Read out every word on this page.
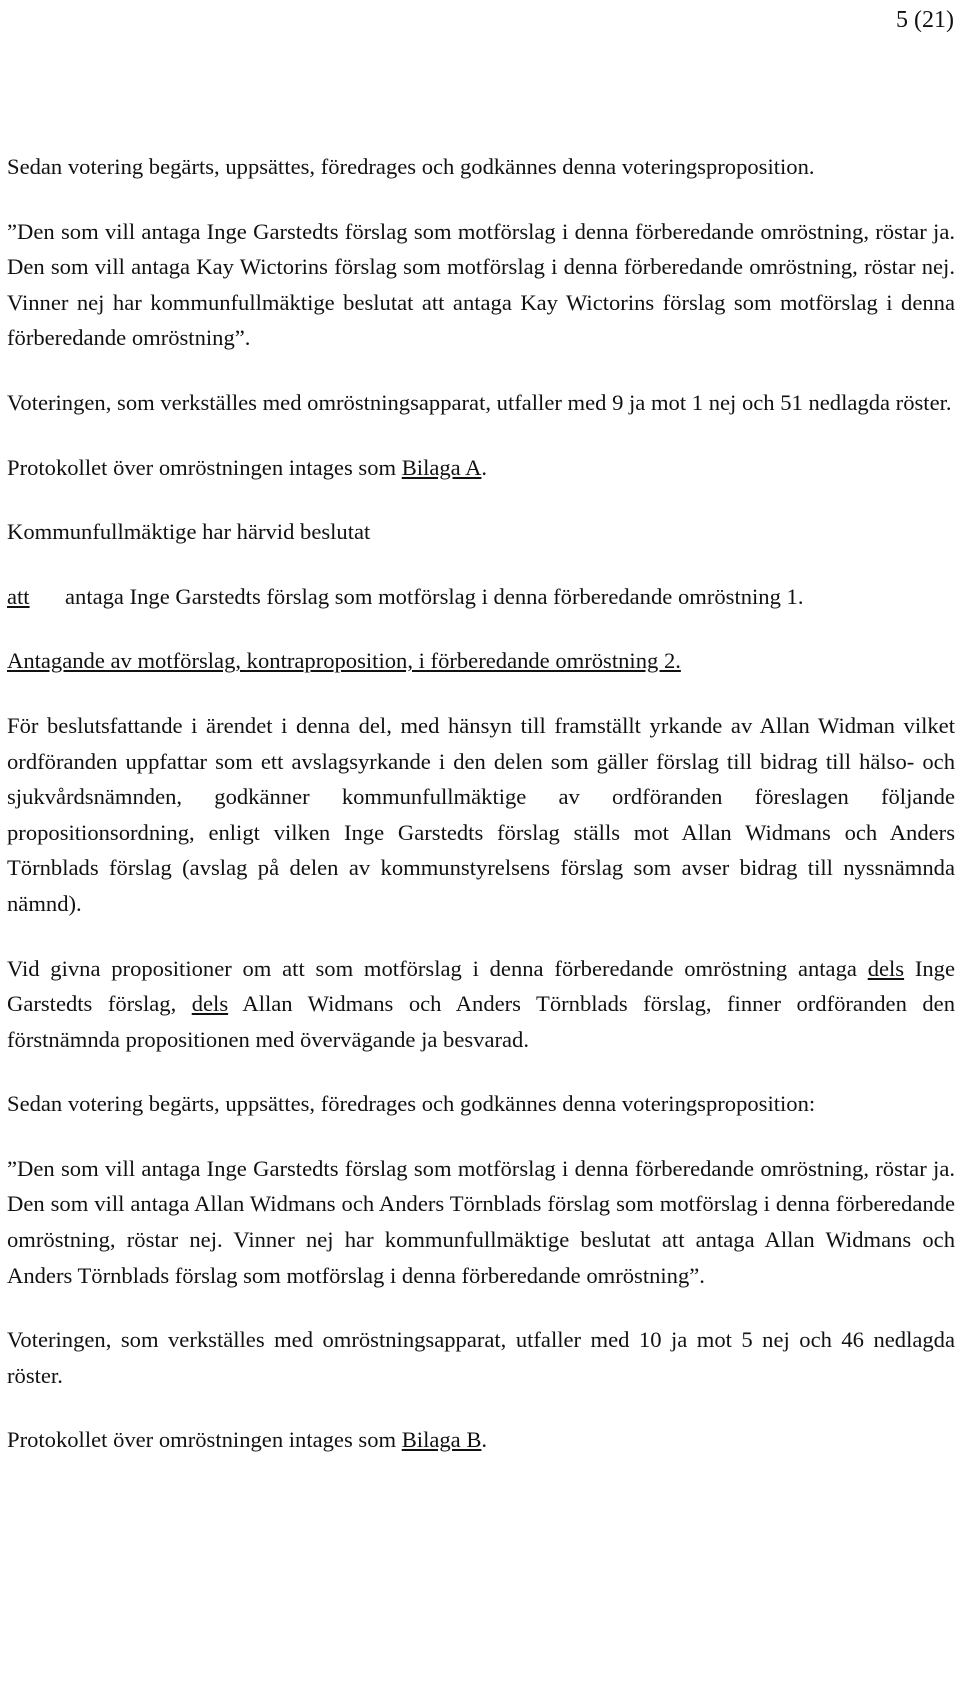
5 (21)

Sedan votering begärts, uppsättes, föredrages och godkännes denna voteringsproposition.

”Den som vill antaga Inge Garstedts förslag som motförslag i denna förberedande omröstning, röstar ja. Den som vill antaga Kay Wictorins förslag som motförslag i denna förberedande omröstning, röstar nej. Vinner nej har kommunfullmäktige beslutat att antaga Kay Wictorins förslag som motförslag i denna förberedande omröstning”.

Voteringen, som verkställes med omröstningsapparat, utfaller med 9 ja mot 1 nej och 51 nedlagda röster.

Protokollet över omröstningen intages som Bilaga A.

Kommunfullmäktige har härvid beslutat

att	antaga Inge Garstedts förslag som motförslag i denna förberedande omröstning 1.

Antagande av motförslag, kontraproposition, i förberedande omröstning 2.

För beslutsfattande i ärendet i denna del, med hänsyn till framställt yrkande av Allan Widman vilket ordföranden uppfattar som ett avslagsyrkande i den delen som gäller förslag till bidrag till hälso- och sjukvårdsnämnden, godkänner kommunfullmäktige av ordföranden föreslagen följande propositionsordning, enligt vilken Inge Garstedts förslag ställs mot Allan Widmans och Anders Törnblads förslag (avslag på delen av kommunstyrelsens förslag som avser bidrag till nyssnämnda nämnd).

Vid givna propositioner om att som motförslag i denna förberedande omröstning antaga dels Inge Garstedts förslag, dels Allan Widmans och Anders Törnblads förslag, finner ordföranden den förstnämnda propositionen med övervägande ja besvarad.

Sedan votering begärts, uppsättes, föredrages och godkännes denna voteringsproposition:

”Den som vill antaga Inge Garstedts förslag som motförslag i denna förberedande omröstning, röstar ja. Den som vill antaga Allan Widmans och Anders Törnblads förslag som motförslag i denna förberedande omröstning, röstar nej. Vinner nej har kommunfullmäktige beslutat att antaga Allan Widmans och Anders Törnblads förslag som motförslag i denna förberedande omröstning”.

Voteringen, som verkställes med omröstningsapparat, utfaller med 10 ja mot 5 nej och 46 nedlagda röster.

Protokollet över omröstningen intages som Bilaga B.
